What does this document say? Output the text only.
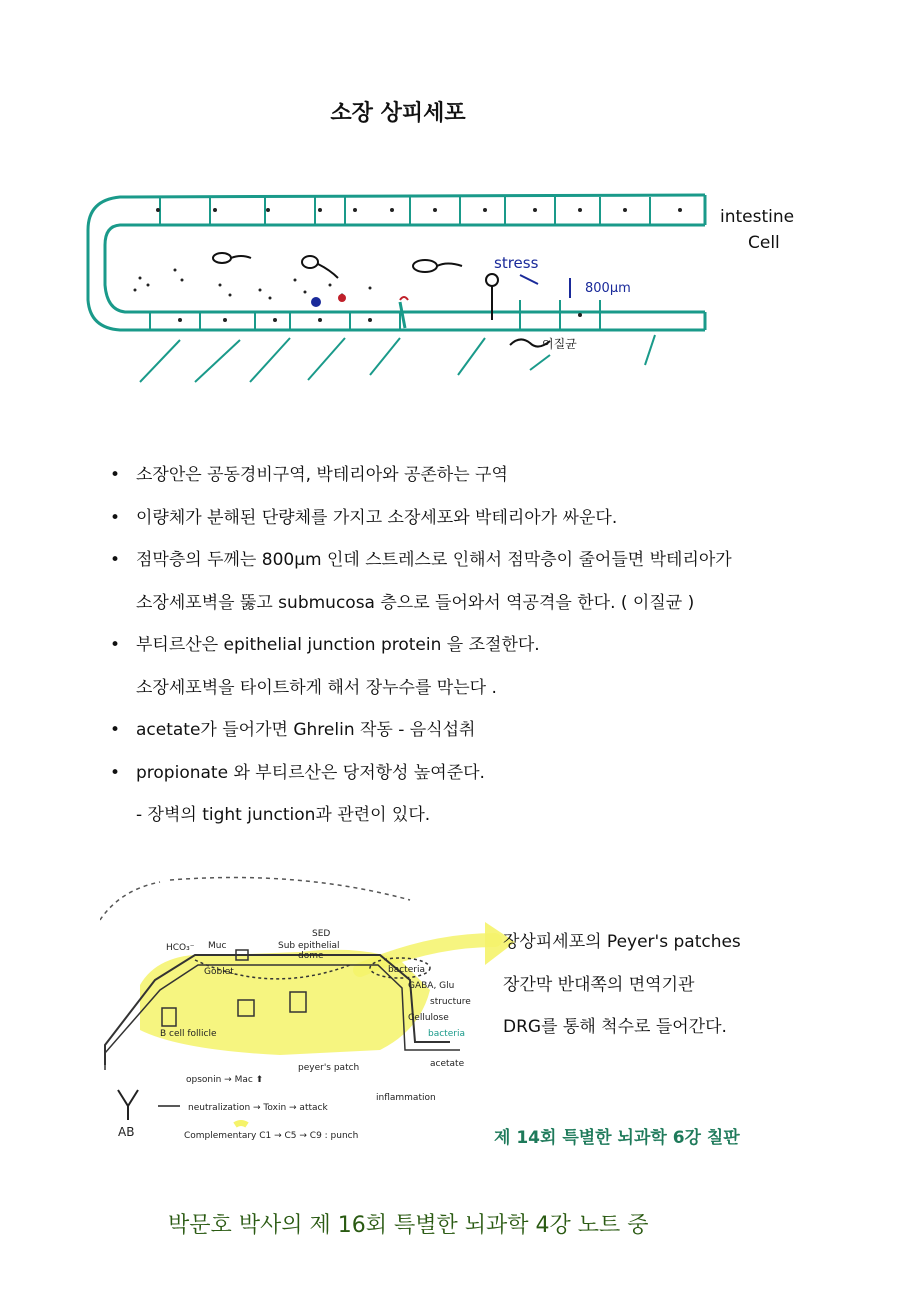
소장 상피세포
stress
800μm
이질균
intestine
Cell
• 소장안은 공동경비구역, 박테리아와 공존하는 구역
• 이량체가 분해된 단량체를 가지고 소장세포와 박테리아가 싸운다.
• 점막층의 두께는 800μm 인데 스트레스로 인해서 점막층이 줄어들면 박테리아가
소장세포벽을 뚫고 submucosa 층으로 들어와서 역공격을 한다. ( 이질균 )
• 부티르산은 epithelial junction protein 을 조절한다.
소장세포벽을 타이트하게 해서 장누수를 막는다 .
• acetate가 들어가면 Ghrelin 작동 - 음식섭취
• propionate 와 부티르산은 당저항성 높여준다.
- 장벽의 tight junction과 관련이 있다.
HCO₃⁻ Muc	Sub epithelial
dome
SED
Goblet	bacteria
GABA, Glu
Cellulose
structure
bacteria
B cell follicle
peyer's patch	acetate
inflammation
opsonin → Mac ⬆
neutralization → Toxin → attack
Complementary C1 → C5 → C9 : punch
AB
장상피세포의 Peyer's patches
장간막 반대쪽의 면역기관
DRG를 통해 척수로 들어간다.
제 14회 특별한 뇌과학 6강 칠판
박문호 박사의 제 16회 특별한 뇌과학 4강 노트 중
